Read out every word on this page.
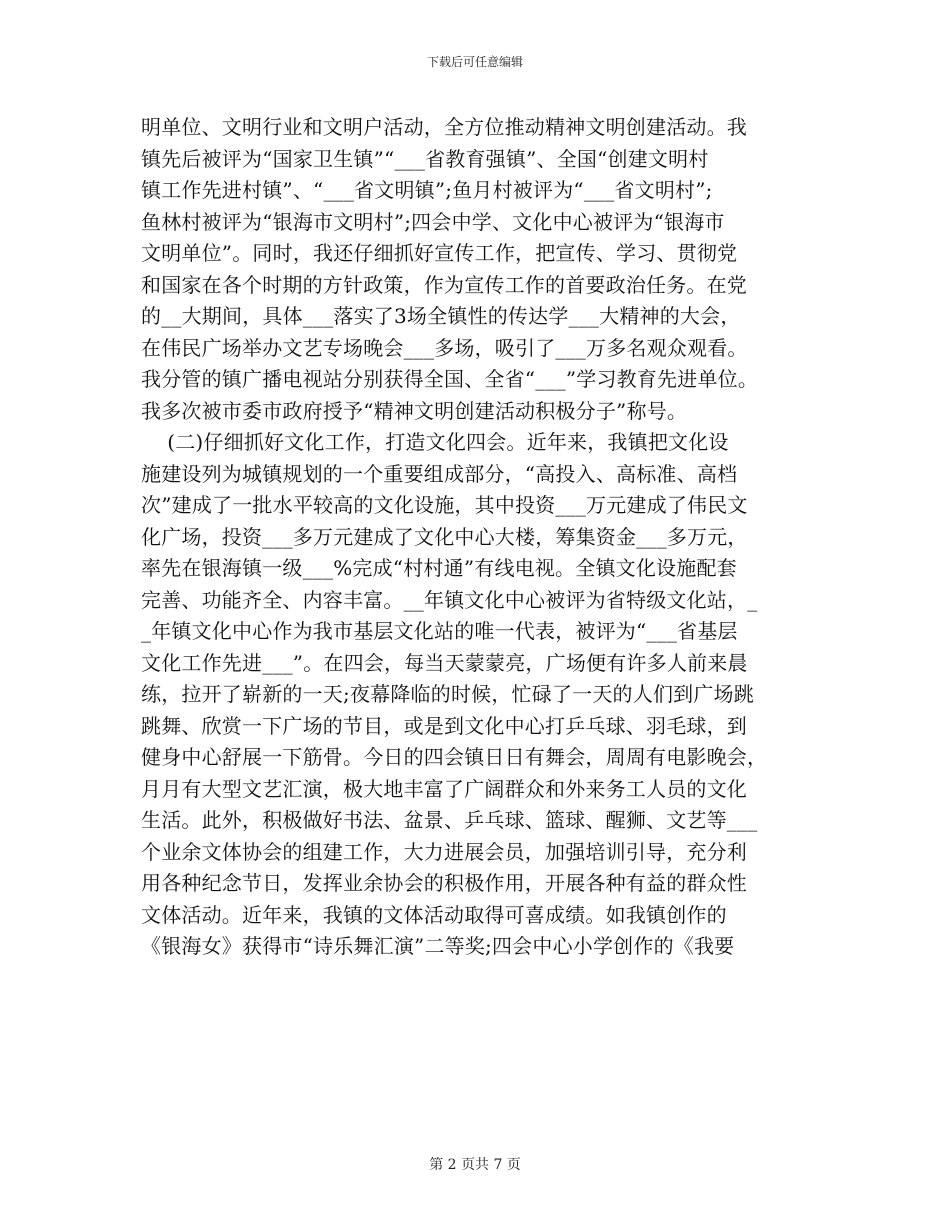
下载后可任意编辑
明单位、文明行业和文明户活动，全方位推动精神文明创建活动。我
镇先后被评为“国家卫生镇”“___省教育强镇”、全国“创建文明村
镇工作先进村镇”、“___省文明镇”;鱼月村被评为“___省文明村”;
鱼林村被评为“银海市文明村”;四会中学、文化中心被评为“银海市
文明单位”。同时，我还仔细抓好宣传工作，把宣传、学习、贯彻党
和国家在各个时期的方针政策，作为宣传工作的首要政治任务。在党
的__大期间，具体___落实了3场全镇性的传达学___大精神的大会，
在伟民广场举办文艺专场晚会___多场，吸引了___万多名观众观看。
我分管的镇广播电视站分别获得全国、全省“___”学习教育先进单位。
我多次被市委市政府授予“精神文明创建活动积极分子”称号。
(二)仔细抓好文化工作，打造文化四会。近年来，我镇把文化设
施建设列为城镇规划的一个重要组成部分，“高投入、高标准、高档
次”建成了一批水平较高的文化设施，其中投资___万元建成了伟民文
化广场，投资___多万元建成了文化中心大楼，筹集资金___多万元，
率先在银海镇一级___%完成“村村通”有线电视。全镇文化设施配套
完善、功能齐全、内容丰富。__年镇文化中心被评为省特级文化站，_
_年镇文化中心作为我市基层文化站的唯一代表，被评为“___省基层
文化工作先进___”。在四会，每当天蒙蒙亮，广场便有许多人前来晨
练，拉开了崭新的一天;夜幕降临的时候，忙碌了一天的人们到广场跳
跳舞、欣赏一下广场的节目，或是到文化中心打乒乓球、羽毛球，到
健身中心舒展一下筋骨。今日的四会镇日日有舞会，周周有电影晚会，
月月有大型文艺汇演，极大地丰富了广阔群众和外来务工人员的文化
生活。此外，积极做好书法、盆景、乒乓球、篮球、醒狮、文艺等___
个业余文体协会的组建工作，大力进展会员，加强培训引导，充分利
用各种纪念节日，发挥业余协会的积极作用，开展各种有益的群众性
文体活动。近年来，我镇的文体活动取得可喜成绩。如我镇创作的
《银海女》获得市“诗乐舞汇演”二等奖;四会中心小学创作的《我要
第 2 页共 7 页
